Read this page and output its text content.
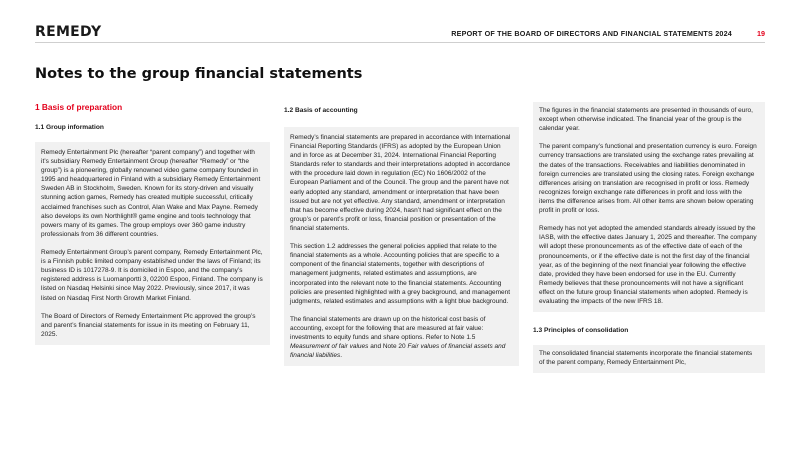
REMEDY	REPORT OF THE BOARD OF DIRECTORS AND FINANCIAL STATEMENTS 2024	19
Notes to the group financial statements
1 Basis of preparation
1.1 Group information

Remedy Entertainment Plc (hereafter “parent company”) and together with it’s subsidiary Remedy Entertainment Group (hereafter “Remedy” or “the group”) is a pioneering, globally renowned video game company founded in 1995 and headquartered in Finland with a subsidiary Remedy Entertainment Sweden AB in Stockholm, Sweden. Known for its story-driven and visually stunning action games, Remedy has created multiple successful, critically acclaimed franchises such as Control, Alan Wake and Max Payne. Remedy also develops its own Northlight® game engine and tools technology that powers many of its games. The group employs over 360 game industry professionals from 36 different countries.

Remedy Entertainment Group’s parent company, Remedy Entertainment Plc, is a Finnish public limited company established under the laws of Finland; its business ID is 1017278-9. It is domiciled in Espoo, and the company’s registered address is Luomanportti 3, 02200 Espoo, Finland. The company is listed on Nasdaq Helsinki since May 2022. Previously, since 2017, it was listed on Nasdaq First North Growth Market Finland.

The Board of Directors of Remedy Entertainment Plc approved the group’s and parent’s financial statements for issue in its meeting on February 11, 2025.

1.2 Basis of accounting

Remedy’s financial statements are prepared in accordance with International Financial Reporting Standards (IFRS) as adopted by the European Union and in force as at December 31, 2024. International Financial Reporting Standards refer to standards and their interpretations adopted in accordance with the procedure laid down in regulation (EC) No 1606/2002 of the European Parliament and of the Council. The group and the parent have not early adopted any standard, amendment or interpretation that have been issued but are not yet effective. Any standard, amendment or interpretation that has become effective during 2024, hasn’t had significant effect on the group’s or parent’s profit or loss, financial position or presentation of the financial statements.

This section 1.2 addresses the general policies applied that relate to the financial statements as a whole. Accounting policies that are specific to a component of the financial statements, together with descriptions of management judgments, related estimates and assumptions, are incorporated into the relevant note to the financial statements. Accounting policies are presented highlighted with a grey background, and management judgments, related estimates and assumptions with a light blue background.

The financial statements are drawn up on the historical cost basis of accounting, except for the following that are measured at fair value: investments to equity funds and share options. Refer to Note 1.5 Measurement of fair values and Note 20 Fair values of financial assets and financial liabilities.

The figures in the financial statements are presented in thousands of euro, except when otherwise indicated. The financial year of the group is the calendar year.

The parent company’s functional and presentation currency is euro. Foreign currency transactions are translated using the exchange rates prevailing at the dates of the transactions. Receivables and liabilities denominated in foreign currencies are translated using the closing rates. Foreign exchange differences arising on translation are recognised in profit or loss. Remedy recognizes foreign exchange rate differences in profit and loss with the items the difference arises from. All other items are shown below operating profit in profit or loss.

Remedy has not yet adopted the amended standards already issued by the IASB, with the effective dates January 1, 2025 and thereafter. The company will adopt these pronouncements as of the effective date of each of the pronouncements, or if the effective date is not the first day of the financial year, as of the beginning of the next financial year following the effective date, provided they have been endorsed for use in the EU. Currently Remedy believes that these pronouncements will not have a significant effect on the future group financial statements when adopted. Remedy is evaluating the impacts of the new IFRS 18.

1.3 Principles of consolidation

The consolidated financial statements incorporate the financial statements of the parent company, Remedy Entertainment Plc,
